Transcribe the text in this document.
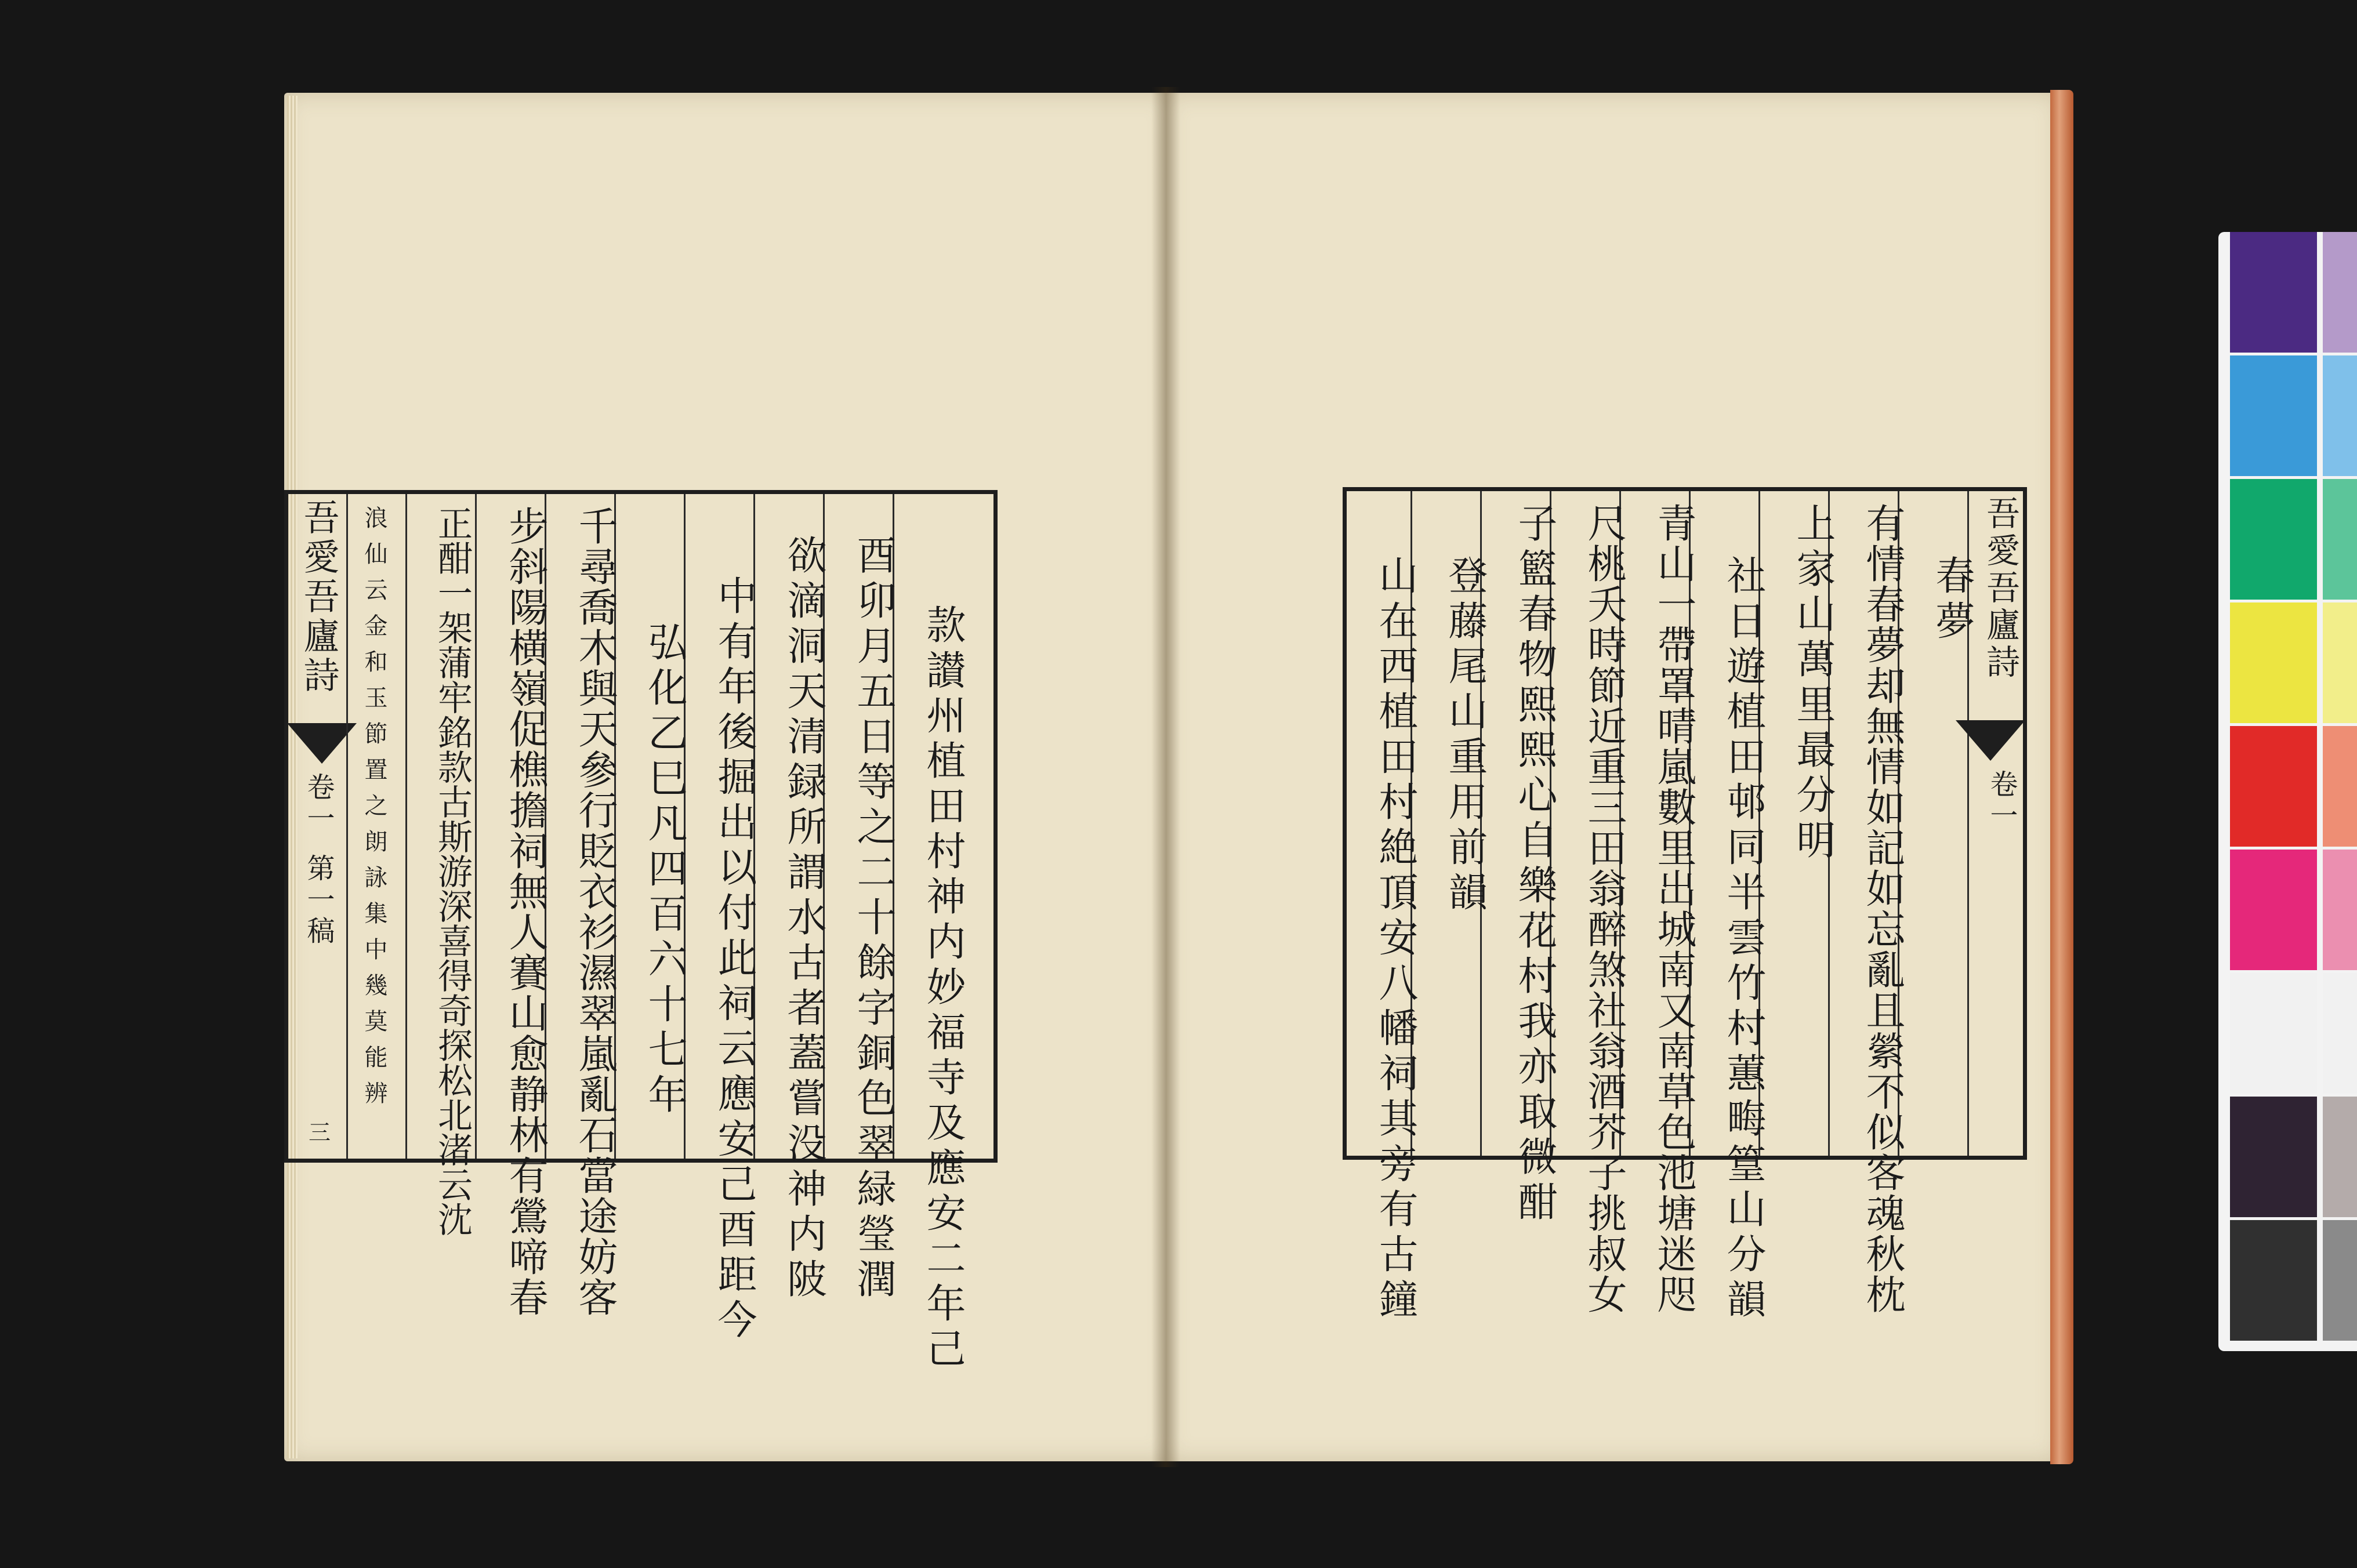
吾愛吾廬詩
卷一
第一稿
三	款讃州植田村神内妙福寺及應安二年己
酉卯月五日等之二十餘字銅色翠緑瑩潤
欲滴洞天清録所謂水古者蓋嘗没神内陂
中有年後掘出以付此祠云應安己酉距今
弘化乙巳凡四百六十七年
千尋喬木與天參行貶衣衫濕翠嵐亂石當途妨客
步斜陽横嶺促樵擔祠無人賽山愈静林有鶯啼春
正酣一架蒲牢銘款古斯游深喜得奇探松北渚云沈
浪仙云金和玉節置之朗詠集中幾莫能辨	吾愛吾廬詩
卷一
春夢
有情春夢却無情如記如忘亂且縈不似客魂秋枕
上家山萬里最分明
社日遊植田邨同半雲竹村蕙畮篁山分韻
青山一帶罩晴嵐數里出城南又南草色池塘迷咫
尺桃夭時節近重三田翁醉煞社翁酒芥子挑叔女
子籃春物熙熙心自樂花村我亦取微酣
登藤尾山重用前韻
山在西植田村絶頂安八幡祠其旁有古鐘
